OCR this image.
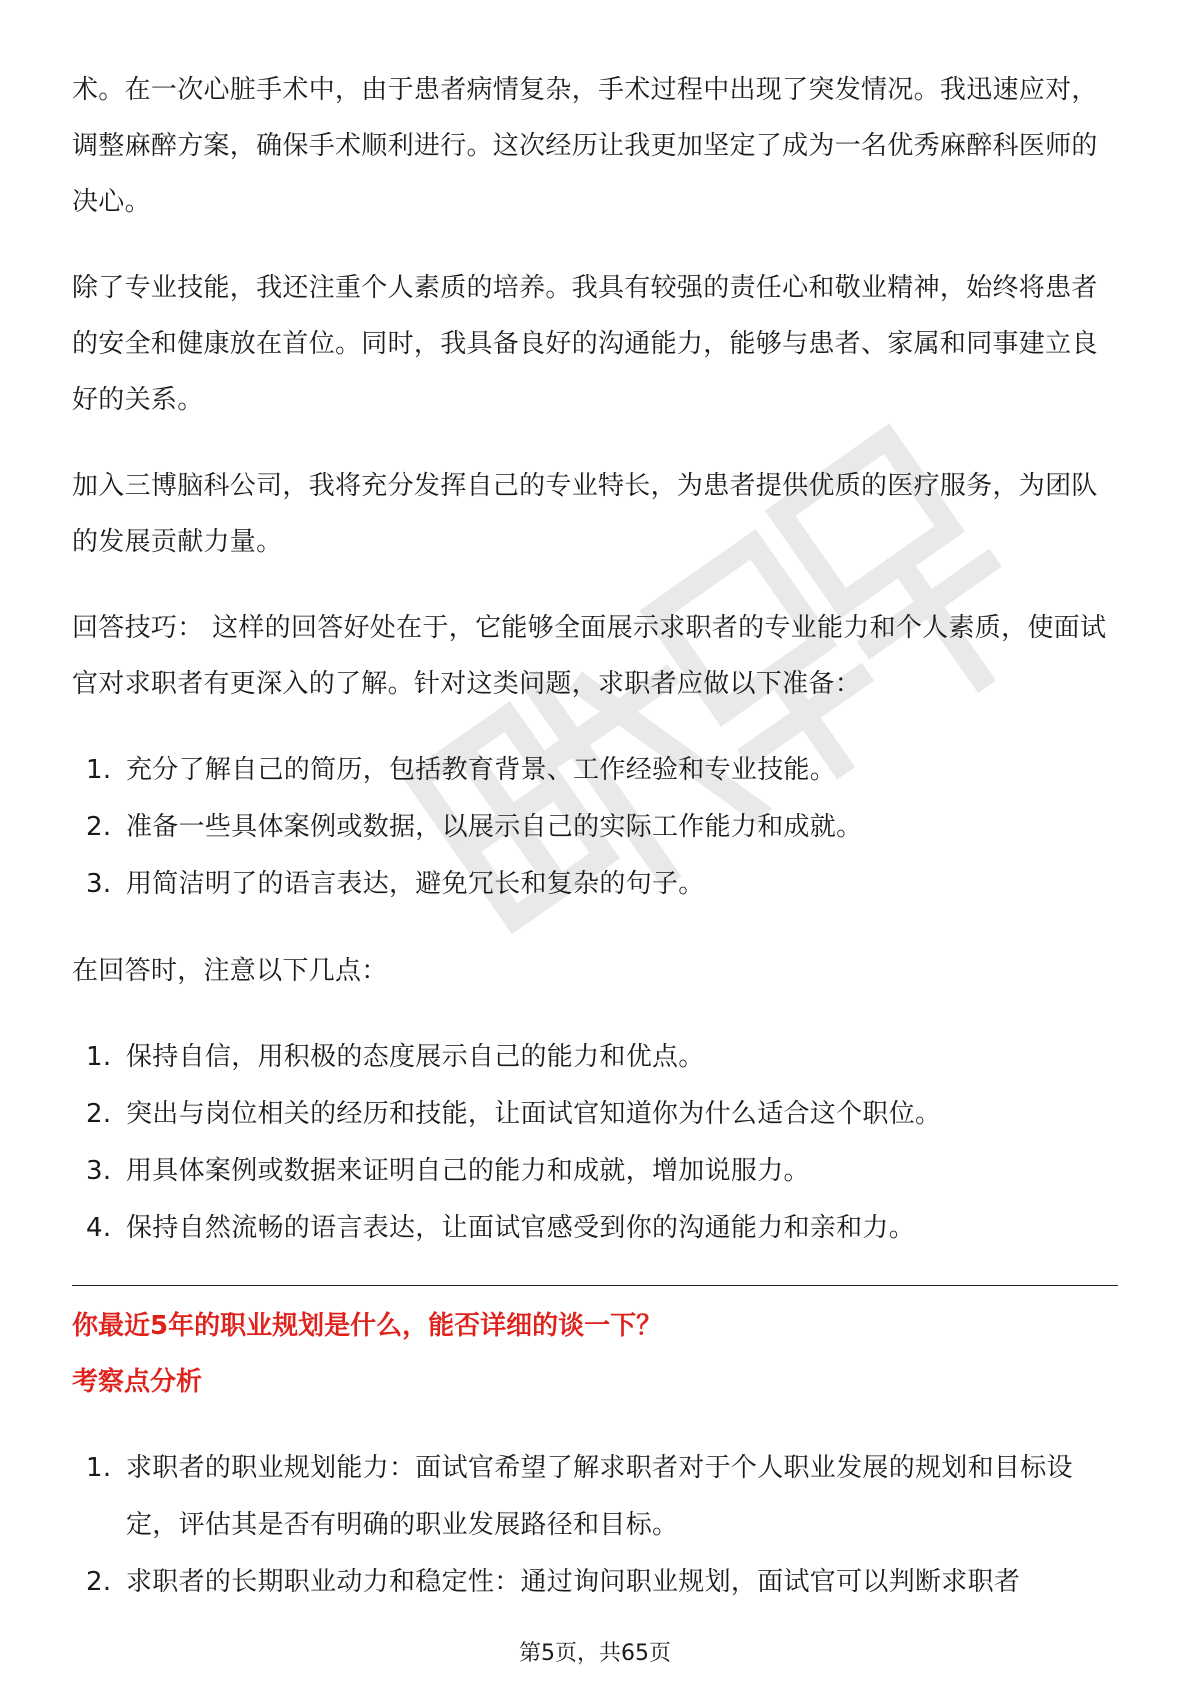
术。在一次心脏手术中，由于患者病情复杂，手术过程中出现了突发情况。我迅速应对，调整麻醉方案，确保手术顺利进行。这次经历让我更加坚定了成为一名优秀麻醉科医师的决心。

除了专业技能，我还注重个人素质的培养。我具有较强的责任心和敬业精神，始终将患者的安全和健康放在首位。同时，我具备良好的沟通能力，能够与患者、家属和同事建立良好的关系。

加入三博脑科公司，我将充分发挥自己的专业特长，为患者提供优质的医疗服务，为团队的发展贡献力量。

回答技巧： 这样的回答好处在于，它能够全面展示求职者的专业能力和个人素质，使面试官对求职者有更深入的了解。针对这类问题，求职者应做以下准备：

1. 充分了解自己的简历，包括教育背景、工作经验和专业技能。
2. 准备一些具体案例或数据，以展示自己的实际工作能力和成就。
3. 用简洁明了的语言表达，避免冗长和复杂的句子。

在回答时，注意以下几点：

1. 保持自信，用积极的态度展示自己的能力和优点。
2. 突出与岗位相关的经历和技能，让面试官知道你为什么适合这个职位。
3. 用具体案例或数据来证明自己的能力和成就，增加说服力。
4. 保持自然流畅的语言表达，让面试官感受到你的沟通能力和亲和力。

你最近5年的职业规划是什么，能否详细的谈一下？

考察点分析

1. 求职者的职业规划能力：面试官希望了解求职者对于个人职业发展的规划和目标设定，评估其是否有明确的职业发展路径和目标。
2. 求职者的长期职业动力和稳定性：通过询问职业规划，面试官可以判断求职者
第5页，共65页
